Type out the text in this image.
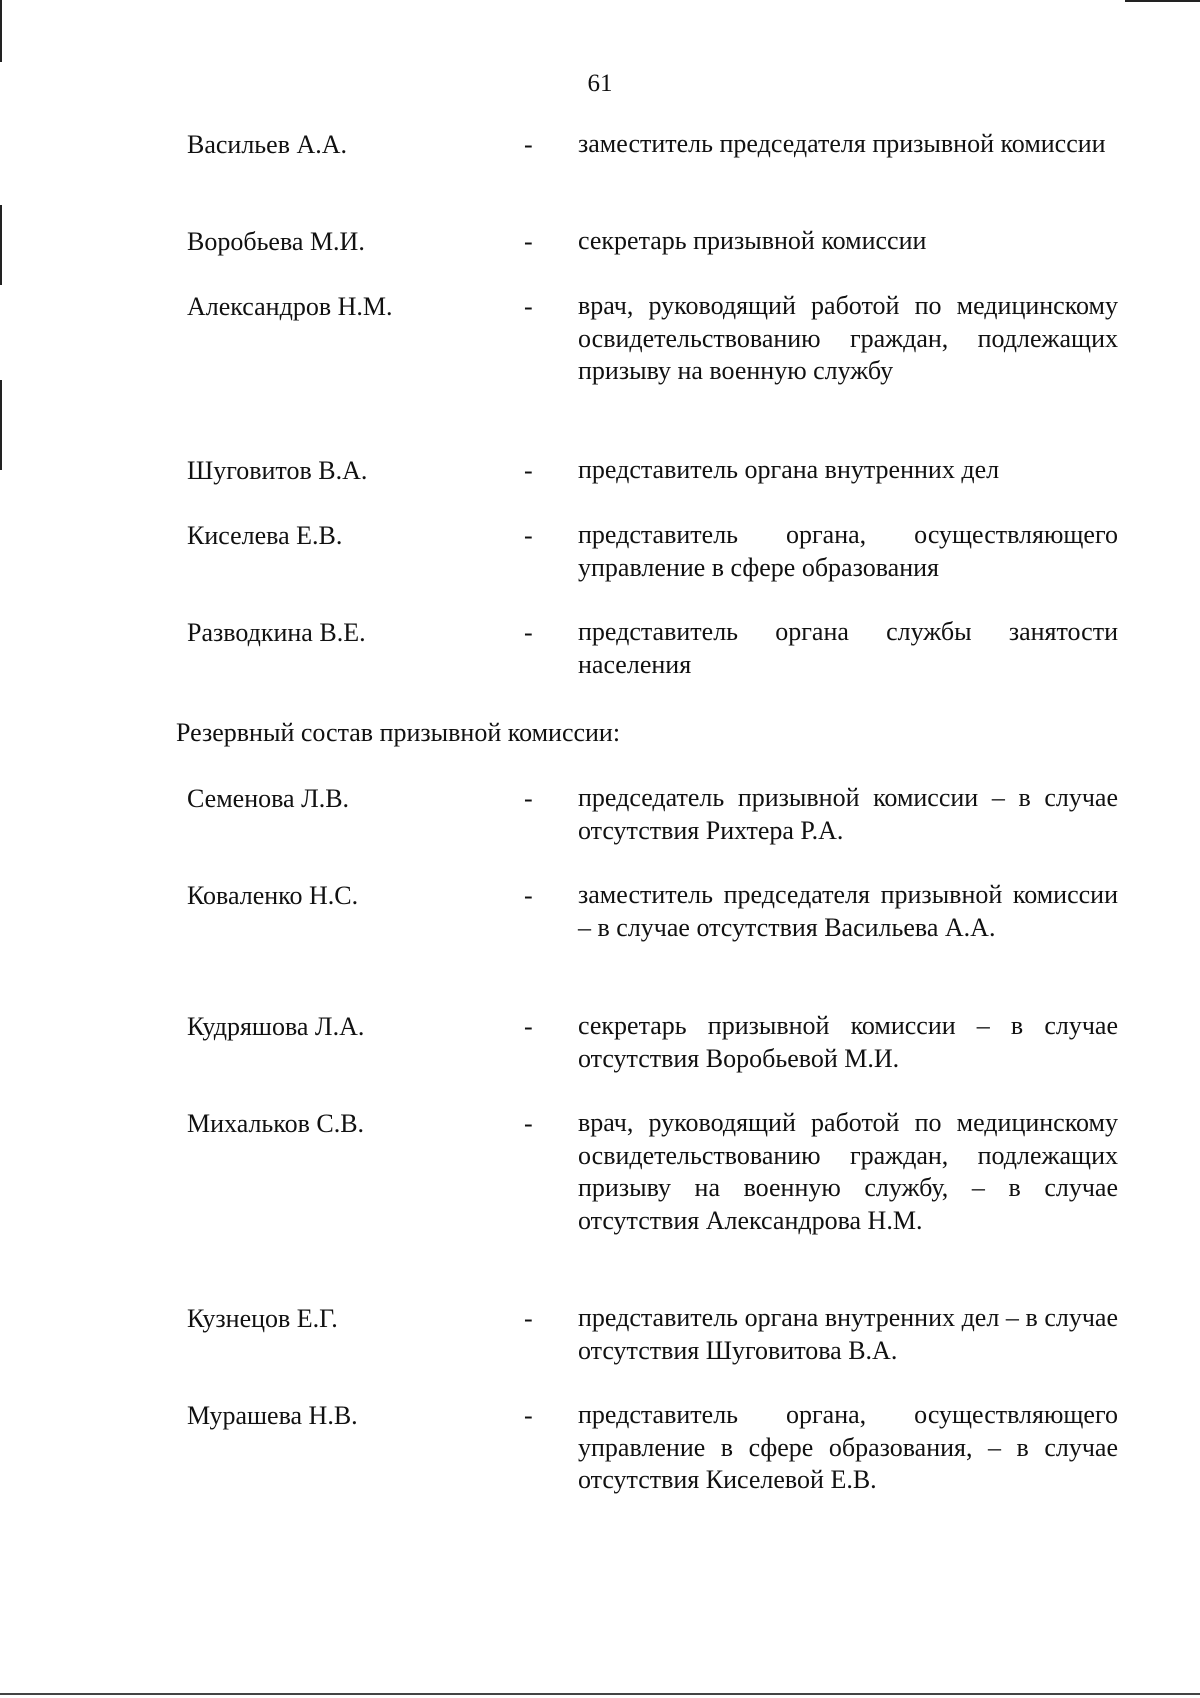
61
Васильев А.А.	- заместитель председателя призывной комиссии
Воробьева М.И.	- секретарь призывной комиссии
Александров Н.М.	- врач, руководящий работой по медицинскому освидетельствованию граждан, подлежащих призыву на военную службу
Шуговитов В.А.	- представитель органа внутренних дел
Киселева Е.В.	- представитель органа, осуществляющего управление в сфере образования
Разводкина В.Е.	- представитель органа службы занятости населения
Резервный состав призывной комиссии:
Семенова Л.В.	- председатель призывной комиссии – в случае отсутствия Рихтера Р.А.
Коваленко Н.С.	- заместитель председателя призывной комиссии – в случае отсутствия Васильева А.А.
Кудряшова Л.А.	- секретарь призывной комиссии – в случае отсутствия Воробьевой М.И.
Михальков С.В.	- врач, руководящий работой по медицинскому освидетельствованию граждан, подлежащих призыву на военную службу, – в случае отсутствия Александрова Н.М.
Кузнецов Е.Г.	- представитель органа внутренних дел – в случае отсутствия Шуговитова В.А.
Мурашева Н.В.	- представитель органа, осуществляющего управление в сфере образования, – в случае отсутствия Киселевой Е.В.
